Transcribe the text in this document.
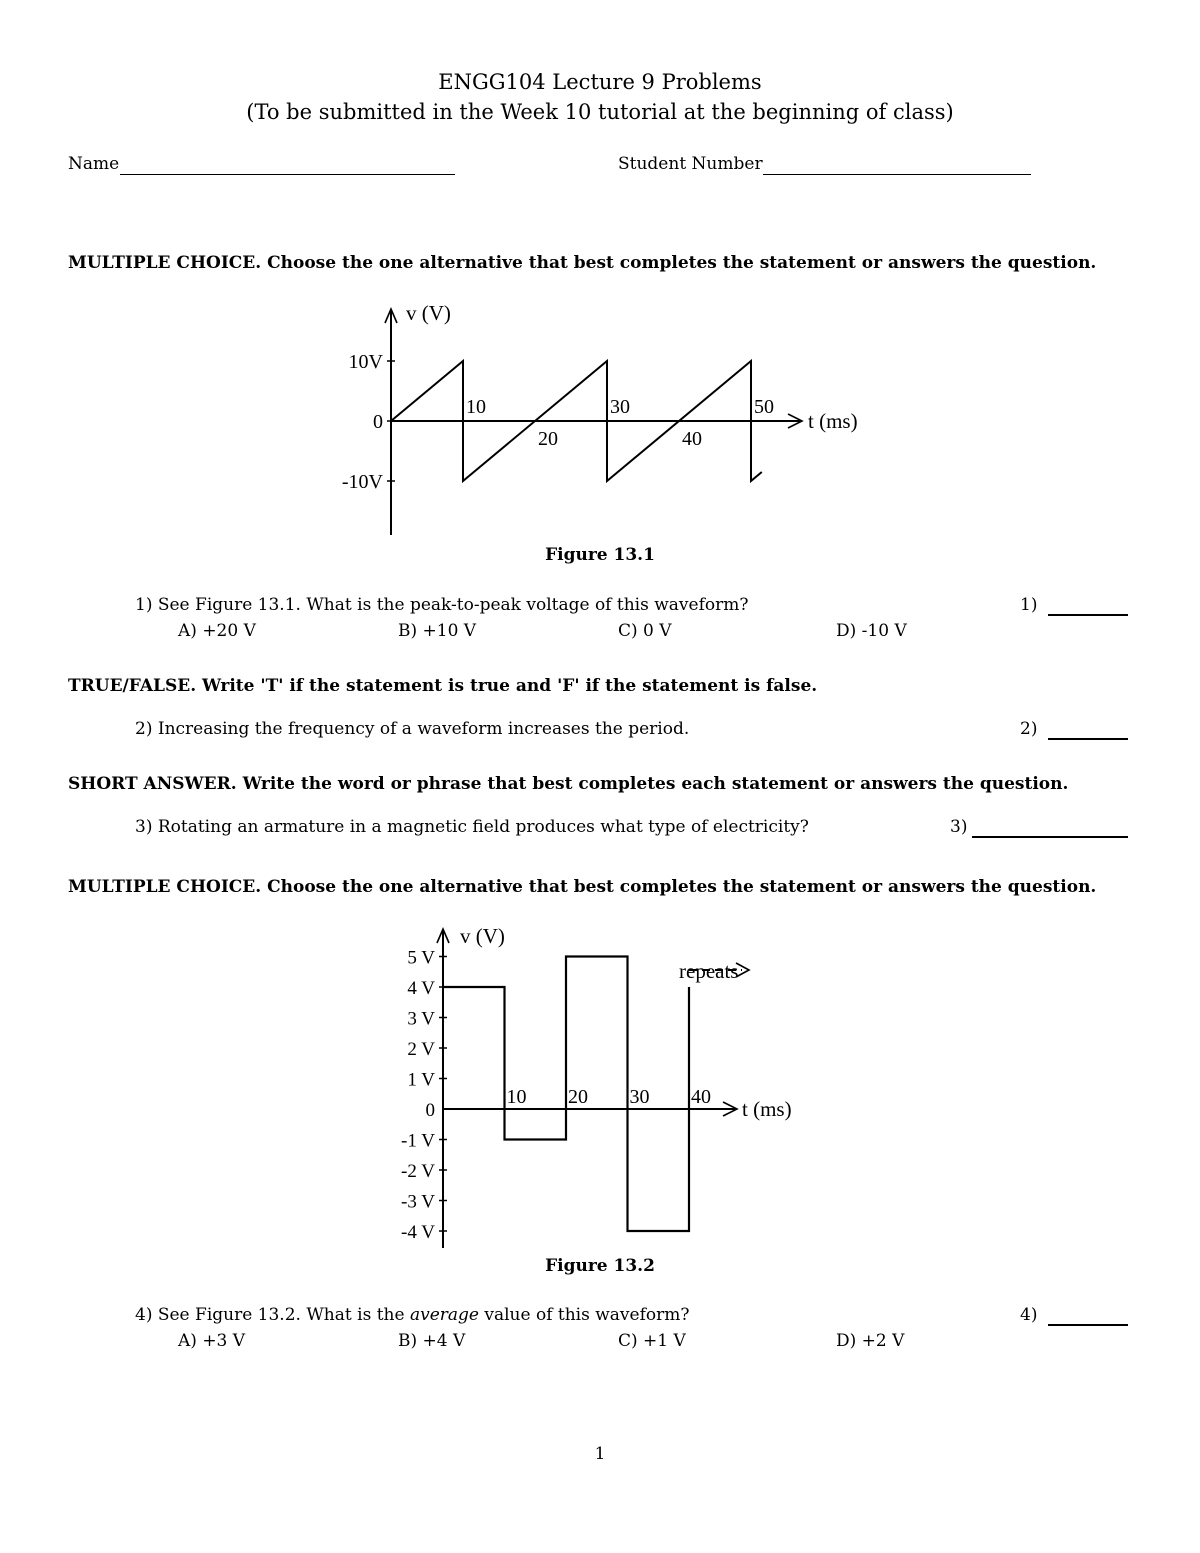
ENGG104 Lecture 9 Problems
(To be submitted in the Week 10 tutorial at the beginning of class)
Name	Student Number
MULTIPLE CHOICE. Choose the one alternative that best completes the statement or answers the question.
v (V)
t (ms)
10V
0
-10V
10
20
30
40
50
Figure 13.1
1) See Figure 13.1. What is the peak-to-peak voltage of this waveform?	1)
A) +20 V	B) +10 V	C) 0 V	D) -10 V
TRUE/FALSE. Write 'T' if the statement is true and 'F' if the statement is false.
2) Increasing the frequency of a waveform increases the period.	2)
SHORT ANSWER. Write the word or phrase that best completes each statement or answers the question.
3) Rotating an armature in a magnetic field produces what type of electricity?	3)
MULTIPLE CHOICE. Choose the one alternative that best completes the statement or answers the question.
v (V)
t (ms)
5 V
4 V
3 V
2 V
1 V
0
-1 V
-2 V
-3 V
-4 V
10 20 30 40
repeats
Figure 13.2
4) See Figure 13.2. What is the average value of this waveform?	4)
A) +3 V	B) +4 V	C) +1 V	D) +2 V
1
